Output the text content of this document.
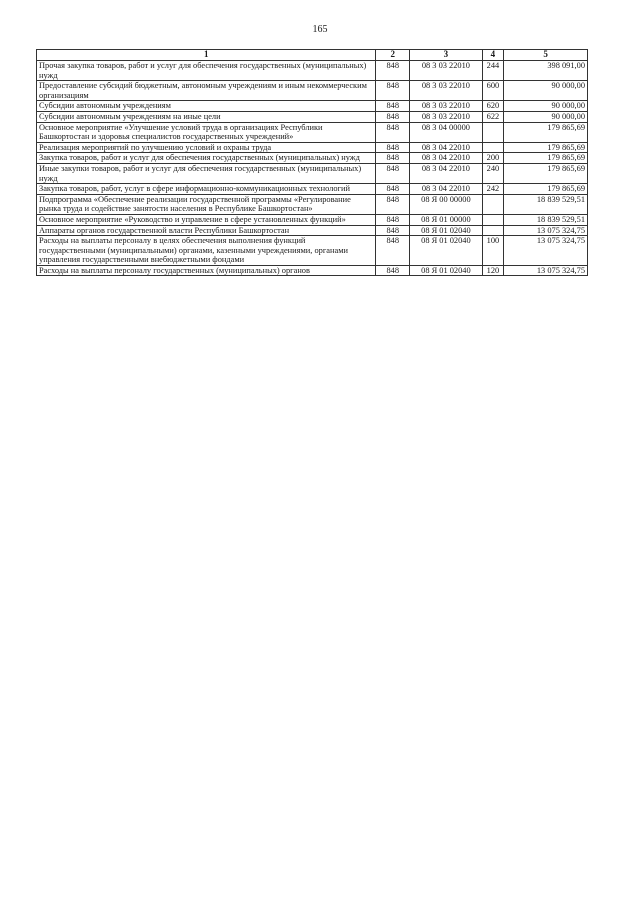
165
1	2	3	4	5
Прочая закупка товаров, работ и услуг для обеспечения государственных (муниципальных) нужд	848	08 3 03 22010	244	398 091,00
Предоставление субсидий бюджетным, автономным учреждениям и иным некоммерческим организациям	848	08 3 03 22010	600	90 000,00
Субсидии автономным учреждениям	848	08 3 03 22010	620	90 000,00
Субсидии автономным учреждениям на иные цели	848	08 3 03 22010	622	90 000,00
Основное мероприятие «Улучшение условий труда в организациях Республики Башкортостан и здоровья специалистов государственных учреждений»	848	08 3 04 00000		179 865,69
Реализация мероприятий по улучшению условий и охраны труда	848	08 3 04 22010		179 865,69
Закупка товаров, работ и услуг для обеспечения государственных (муниципальных) нужд	848	08 3 04 22010	200	179 865,69
Иные закупки товаров, работ и услуг для обеспечения государственных (муниципальных) нужд	848	08 3 04 22010	240	179 865,69
Закупка товаров, работ, услуг в сфере информационно-коммуникационных технологий	848	08 3 04 22010	242	179 865,69
Подпрограмма «Обеспечение реализации государственной программы «Регулирование рынка труда и содействие занятости населения в Республике Башкортостан»	848	08 Я 00 00000		18 839 529,51
Основное мероприятие «Руководство и управление в сфере установленных функций»	848	08 Я 01 00000		18 839 529,51
Аппараты органов государственной власти Республики Башкортостан	848	08 Я 01 02040		13 075 324,75
Расходы на выплаты персоналу в целях обеспечения выполнения функций государственными (муниципальными) органами, казенными учреждениями, органами управления государственными внебюджетными фондами	848	08 Я 01 02040	100	13 075 324,75
Расходы на выплаты персоналу государственных (муниципальных) органов	848	08 Я 01 02040	120	13 075 324,75
